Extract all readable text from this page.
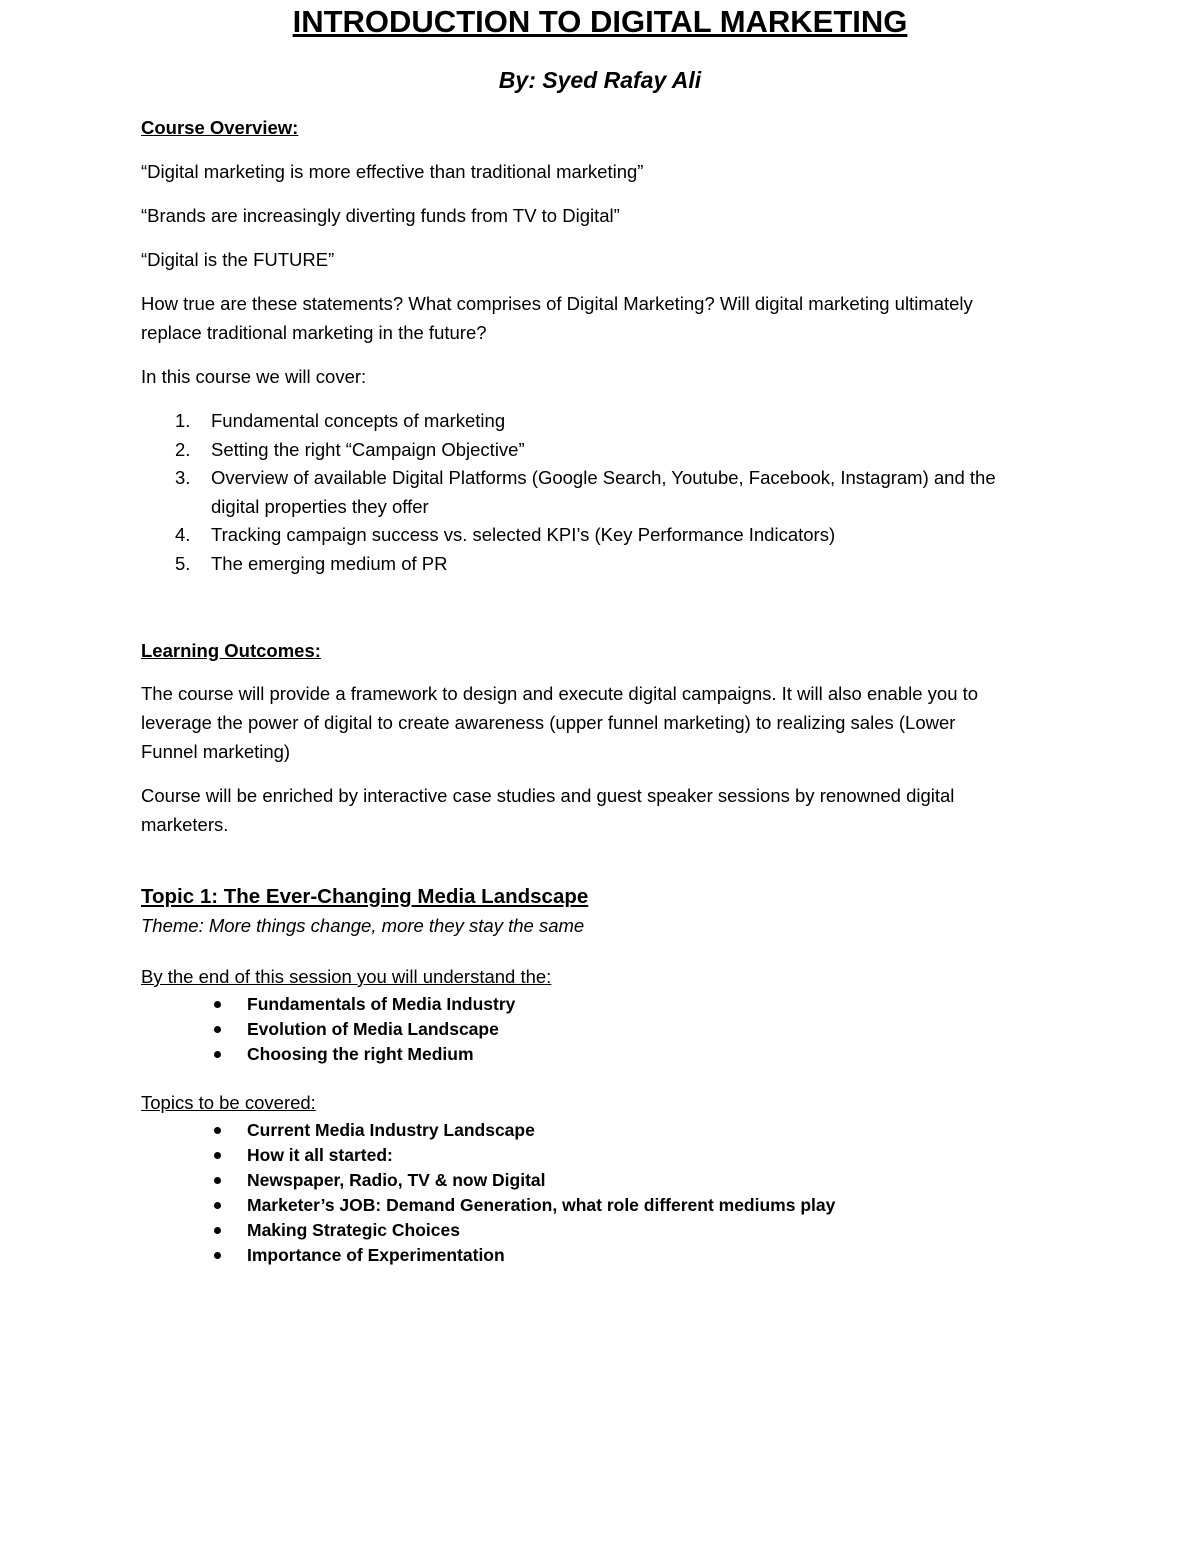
INTRODUCTION TO DIGITAL MARKETING
By: Syed Rafay Ali
Course Overview:
“Digital marketing is more effective than traditional marketing”
“Brands are increasingly diverting funds from TV to Digital”
“Digital is the FUTURE”
How true are these statements? What comprises of Digital Marketing? Will digital marketing ultimately
replace traditional marketing in the future?
In this course we will cover:
1. Fundamental concepts of marketing
2. Setting the right “Campaign Objective”
3. Overview of available Digital Platforms (Google Search, Youtube, Facebook, Instagram) and the
digital properties they offer
4. Tracking campaign success vs. selected KPI’s (Key Performance Indicators)
5. The emerging medium of PR
Learning Outcomes:
The course will provide a framework to design and execute digital campaigns. It will also enable you to
leverage the power of digital to create awareness (upper funnel marketing) to realizing sales (Lower
Funnel marketing)
Course will be enriched by interactive case studies and guest speaker sessions by renowned digital
marketers.
Topic 1: The Ever-Changing Media Landscape
Theme: More things change, more they stay the same
By the end of this session you will understand the:
Fundamentals of Media Industry
Evolution of Media Landscape
Choosing the right Medium
Topics to be covered:
Current Media Industry Landscape
How it all started:
Newspaper, Radio, TV & now Digital
Marketer’s JOB: Demand Generation, what role different mediums play
Making Strategic Choices
Importance of Experimentation
